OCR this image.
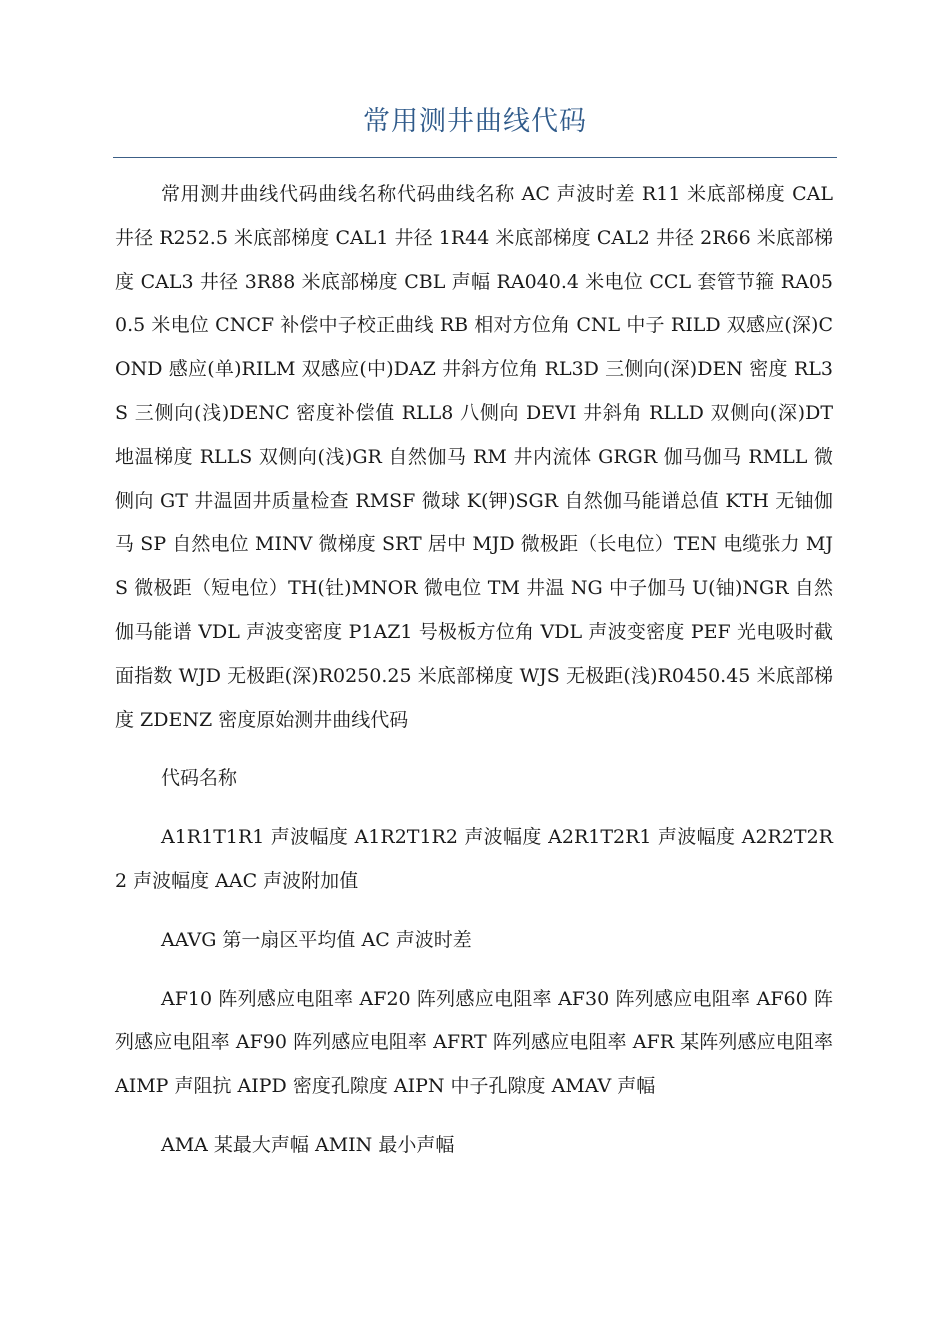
常用测井曲线代码

常用测井曲线代码曲线名称代码曲线名称 AC 声波时差 R11 米底部梯度 CAL 井径 R252.5 米底部梯度 CAL1 井径 1R44 米底部梯度 CAL2 井径 2R66 米底部梯度 CAL3 井径 3R88 米底部梯度 CBL 声幅 RA040.4 米电位 CCL 套管节箍 RA050.5 米电位 CNCF 补偿中子校正曲线 RB 相对方位角 CNL 中子 RILD 双感应(深)COND 感应(单)RILM 双感应(中)DAZ 井斜方位角 RL3D 三侧向(深)DEN 密度 RL3S 三侧向(浅)DENC 密度补偿值 RLL8 八侧向 DEVI 井斜角 RLLD 双侧向(深)DT 地温梯度 RLLS 双侧向(浅)GR 自然伽马 RM 井内流体 GRGR 伽马伽马 RMLL 微侧向 GT 井温固井质量检查 RMSF 微球 K(钾)SGR 自然伽马能谱总值 KTH 无铀伽马 SP 自然电位 MINV 微梯度 SRT 居中 MJD 微极距（长电位）TEN 电缆张力 MJS 微极距（短电位）TH(钍)MNOR 微电位 TM 井温 NG 中子伽马 U(铀)NGR 自然伽马能谱 VDL 声波变密度 P1AZ1 号极板方位角 VDL 声波变密度 PEF 光电吸时截面指数 WJD 无极距(深)R0250.25 米底部梯度 WJS 无极距(浅)R0450.45 米底部梯度 ZDENZ 密度原始测井曲线代码

代码名称

A1R1T1R1 声波幅度 A1R2T1R2 声波幅度 A2R1T2R1 声波幅度 A2R2T2R2 声波幅度 AAC 声波附加值

AAVG 第一扇区平均值 AC 声波时差

AF10 阵列感应电阻率 AF20 阵列感应电阻率 AF30 阵列感应电阻率 AF60 阵列感应电阻率 AF90 阵列感应电阻率 AFRT 阵列感应电阻率 AFR 某阵列感应电阻率 AIMP 声阻抗 AIPD 密度孔隙度 AIPN 中子孔隙度 AMAV 声幅

AMA 某最大声幅 AMIN 最小声幅
